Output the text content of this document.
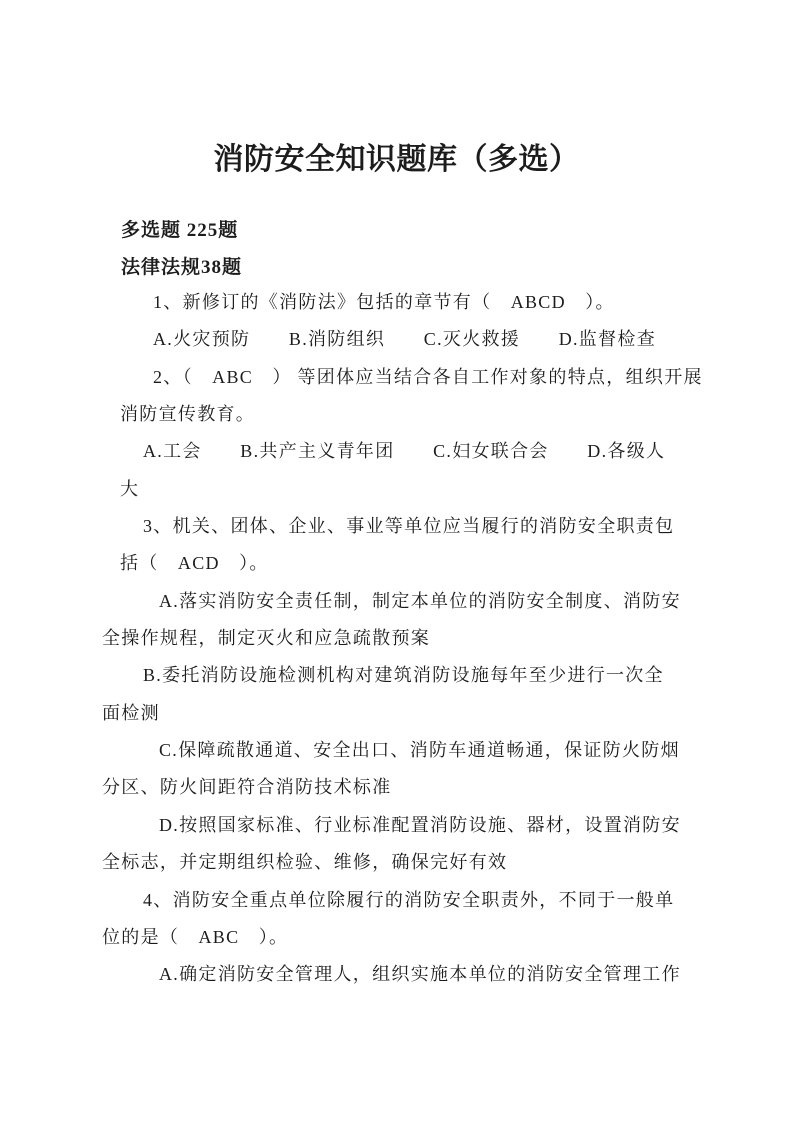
消防安全知识题库（多选）
多选题 225题
法律法规38题
1、新修订的《消防法》包括的章节有（　ABCD　）。
A.火灾预防　　B.消防组织　　C.灭火救援　　D.监督检查
2、（　ABC　） 等团体应当结合各自工作对象的特点，组织开展
消防宣传教育。
A.工会　　B.共产主义青年团　　C.妇女联合会　　D.各级人
大
3、机关、团体、企业、事业等单位应当履行的消防安全职责包
括（　ACD　）。
A.落实消防安全责任制，制定本单位的消防安全制度、消防安
全操作规程，制定灭火和应急疏散预案
B.委托消防设施检测机构对建筑消防设施每年至少进行一次全
面检测
C.保障疏散通道、安全出口、消防车通道畅通，保证防火防烟
分区、防火间距符合消防技术标准
D.按照国家标准、行业标准配置消防设施、器材，设置消防安
全标志，并定期组织检验、维修，确保完好有效
4、消防安全重点单位除履行的消防安全职责外，不同于一般单
位的是（　ABC　）。
A.确定消防安全管理人，组织实施本单位的消防安全管理工作
